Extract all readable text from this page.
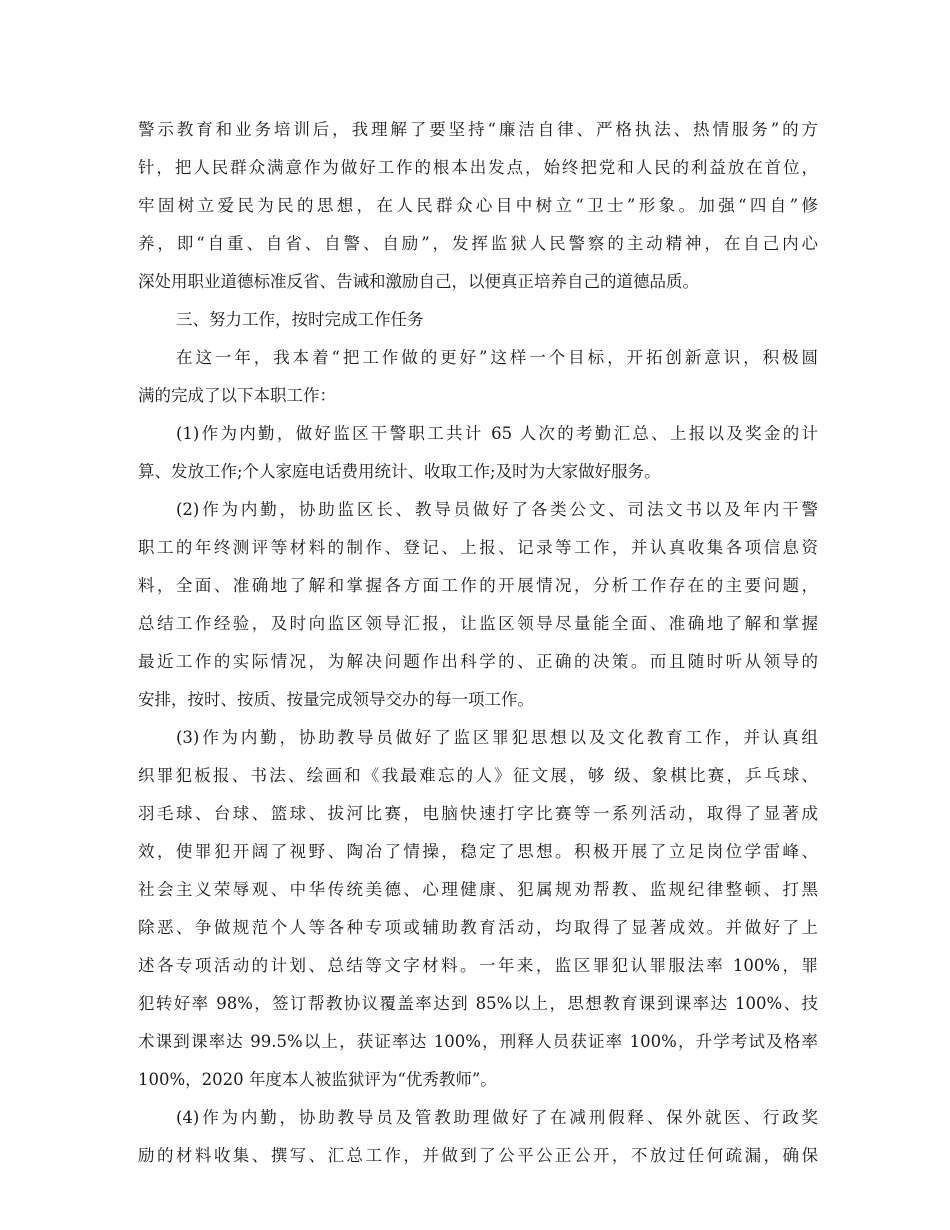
警示教育和业务培训后，我理解了要坚持“廉洁自律、严格执法、热情服务”的方
针，把人民群众满意作为做好工作的根本出发点，始终把党和人民的利益放在首位，
牢固树立爱民为民的思想，在人民群众心目中树立“卫士”形象。加强“四自”修
养，即“自重、自省、自警、自励”，发挥监狱人民警察的主动精神，在自己内心
深处用职业道德标准反省、告诫和激励自己，以便真正培养自己的道德品质。
三、努力工作，按时完成工作任务
在这一年，我本着“把工作做的更好”这样一个目标，开拓创新意识，积极圆
满的完成了以下本职工作：
(1)作为内勤，做好监区干警职工共计 65 人次的考勤汇总、上报以及奖金的计
算、发放工作;个人家庭电话费用统计、收取工作;及时为大家做好服务。
(2)作为内勤，协助监区长、教导员做好了各类公文、司法文书以及年内干警
职工的年终测评等材料的制作、登记、上报、记录等工作，并认真收集各项信息资
料，全面、准确地了解和掌握各方面工作的开展情况，分析工作存在的主要问题，
总结工作经验，及时向监区领导汇报，让监区领导尽量能全面、准确地了解和掌握
最近工作的实际情况，为解决问题作出科学的、正确的决策。而且随时听从领导的
安排，按时、按质、按量完成领导交办的每一项工作。
(3)作为内勤，协助教导员做好了监区罪犯思想以及文化教育工作，并认真组
织罪犯板报、书法、绘画和《我最难忘的人》征文展，够 级、象棋比赛，乒乓球、
羽毛球、台球、篮球、拔河比赛，电脑快速打字比赛等一系列活动，取得了显著成
效，使罪犯开阔了视野、陶冶了情操，稳定了思想。积极开展了立足岗位学雷峰、
社会主义荣辱观、中华传统美德、心理健康、犯属规劝帮教、监规纪律整顿、打黑
除恶、争做规范个人等各种专项或辅助教育活动，均取得了显著成效。并做好了上
述各专项活动的计划、总结等文字材料。一年来，监区罪犯认罪服法率 100%，罪
犯转好率 98%，签订帮教协议覆盖率达到 85%以上，思想教育课到课率达 100%、技
术课到课率达 99.5%以上，获证率达 100%，刑释人员获证率 100%，升学考试及格率
100%，2020 年度本人被监狱评为“优秀教师”。
(4)作为内勤，协助教导员及管教助理做好了在减刑假释、保外就医、行政奖
励的材料收集、撰写、汇总工作，并做到了公平公正公开，不放过任何疏漏，确保
